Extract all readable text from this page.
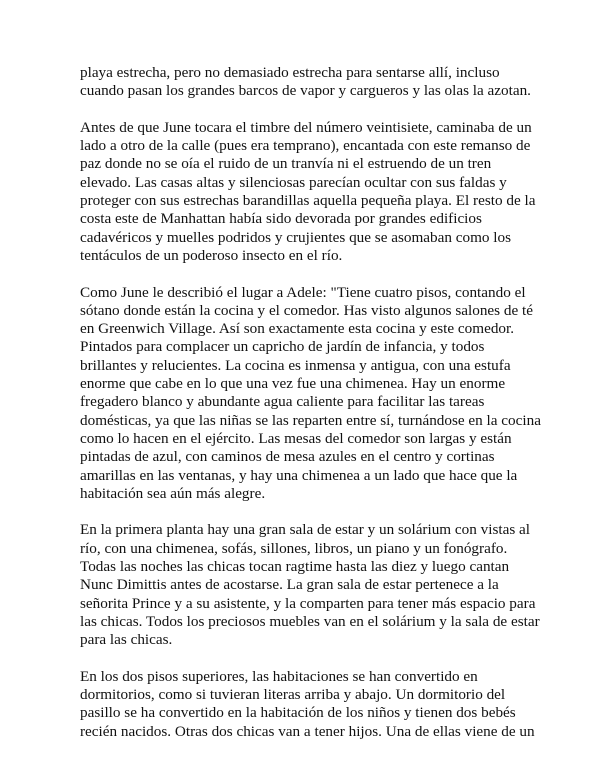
playa estrecha, pero no demasiado estrecha para sentarse allí, incluso
cuando pasan los grandes barcos de vapor y cargueros y las olas la azotan.

Antes de que June tocara el timbre del número veintisiete, caminaba de un
lado a otro de la calle (pues era temprano), encantada con este remanso de
paz donde no se oía el ruido de un tranvía ni el estruendo de un tren
elevado. Las casas altas y silenciosas parecían ocultar con sus faldas y
proteger con sus estrechas barandillas aquella pequeña playa. El resto de la
costa este de Manhattan había sido devorada por grandes edificios
cadavéricos y muelles podridos y crujientes que se asomaban como los
tentáculos de un poderoso insecto en el río.

Como June le describió el lugar a Adele: "Tiene cuatro pisos, contando el
sótano donde están la cocina y el comedor. Has visto algunos salones de té
en Greenwich Village. Así son exactamente esta cocina y este comedor.
Pintados para complacer un capricho de jardín de infancia, y todos
brillantes y relucientes. La cocina es inmensa y antigua, con una estufa
enorme que cabe en lo que una vez fue una chimenea. Hay un enorme
fregadero blanco y abundante agua caliente para facilitar las tareas
domésticas, ya que las niñas se las reparten entre sí, turnándose en la cocina
como lo hacen en el ejército. Las mesas del comedor son largas y están
pintadas de azul, con caminos de mesa azules en el centro y cortinas
amarillas en las ventanas, y hay una chimenea a un lado que hace que la
habitación sea aún más alegre.

En la primera planta hay una gran sala de estar y un solárium con vistas al
río, con una chimenea, sofás, sillones, libros, un piano y un fonógrafo.
Todas las noches las chicas tocan ragtime hasta las diez y luego cantan
Nunc Dimittis antes de acostarse. La gran sala de estar pertenece a la
señorita Prince y a su asistente, y la comparten para tener más espacio para
las chicas. Todos los preciosos muebles van en el solárium y la sala de estar
para las chicas.

En los dos pisos superiores, las habitaciones se han convertido en
dormitorios, como si tuvieran literas arriba y abajo. Un dormitorio del
pasillo se ha convertido en la habitación de los niños y tienen dos bebés
recién nacidos. Otras dos chicas van a tener hijos. Una de ellas viene de un
